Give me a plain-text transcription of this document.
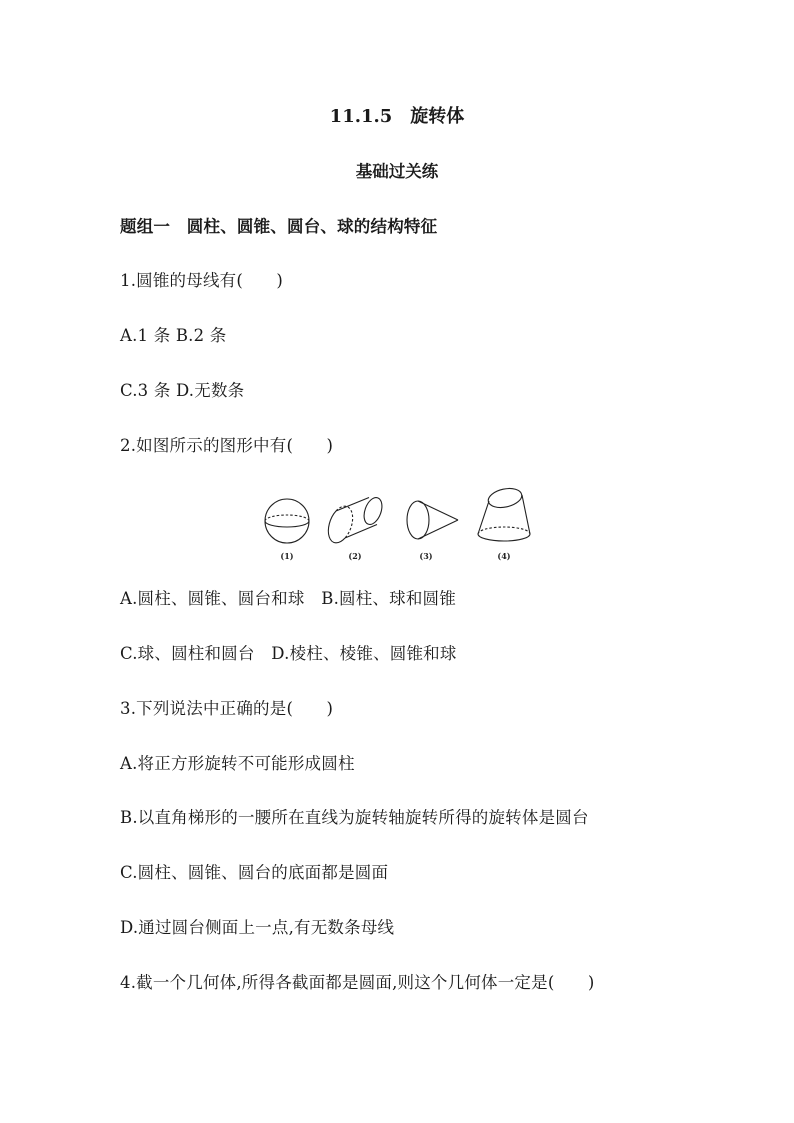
11.1.5　旋转体
基础过关练
题组一　圆柱、圆锥、圆台、球的结构特征
1.圆锥的母线有(　　)
A.1 条 B.2 条
C.3 条 D.无数条
2.如图所示的图形中有(　　)
(1)	(2)	(3)	(4)
A.圆柱、圆锥、圆台和球　B.圆柱、球和圆锥
C.球、圆柱和圆台　D.棱柱、棱锥、圆锥和球
3.下列说法中正确的是(　　)
A.将正方形旋转不可能形成圆柱
B.以直角梯形的一腰所在直线为旋转轴旋转所得的旋转体是圆台
C.圆柱、圆锥、圆台的底面都是圆面
D.通过圆台侧面上一点,有无数条母线
4.截一个几何体,所得各截面都是圆面,则这个几何体一定是(　　)
